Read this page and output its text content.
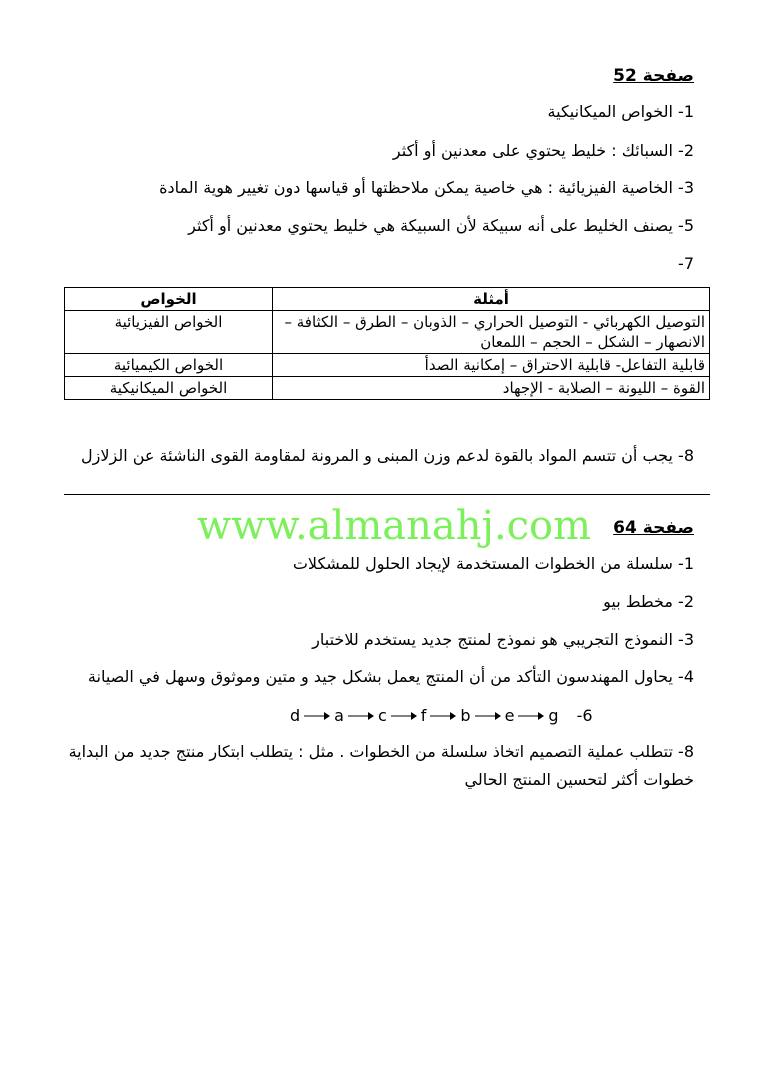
صفحة 52
1- الخواص الميكانيكية
2- السبائك : خليط يحتوي على معدنين أو أكثر
3- الخاصية الفيزيائية : هي خاصية يمكن ملاحظتها أو قياسها دون تغيير هوية المادة
5- يصنف الخليط على أنه سبيكة لأن السبيكة هي خليط يحتوي معدنين أو أكثر
7-
أمثلة	الخواص
التوصيل الكهربائي - التوصيل الحراري – الذوبان – الطرق – الكثافة – الانصهار – الشكل – الحجم – اللمعان	الخواص الفيزيائية
قابلية التفاعل- قابلية الاحتراق – إمكانية الصدأ	الخواص الكيميائية
القوة – الليونة – الصلابة - الإجهاد	الخواص الميكانيكية
8- يجب أن تتسم المواد بالقوة لدعم وزن المبنى و المرونة لمقاومة القوى الناشئة عن الزلازل
www.almanahj.com صفحة 64
1- سلسلة من الخطوات المستخدمة لإيجاد الحلول للمشكلات
2- مخطط بيو
3- النموذج التجريبي هو نموذج لمنتج جديد يستخدم للاختبار
4- يحاول المهندسون التأكد من أن المنتج يعمل بشكل جيد و متين وموثوق وسهل في الصيانة
d a c f b e g 6-
8- تتطلب عملية التصميم اتخاذ سلسلة من الخطوات . مثل : يتطلب ابتكار منتج جديد من البداية
خطوات أكثر لتحسين المنتج الحالي
